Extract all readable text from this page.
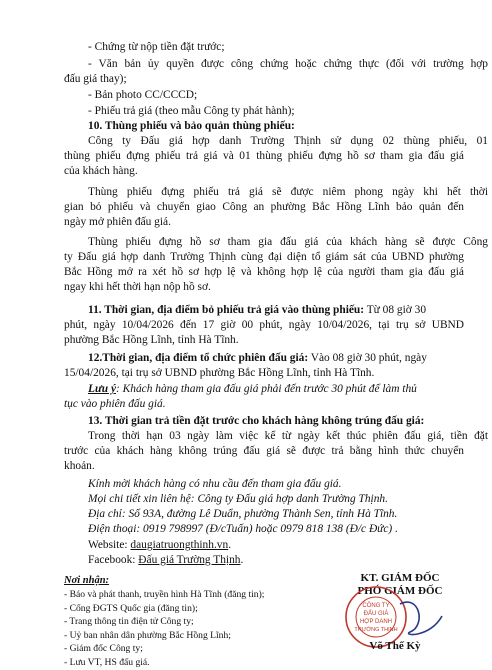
- Chứng từ nộp tiền đặt trước;
- Văn bản ủy quyền được công chứng hoặc chứng thực (đối với trường hợp
đấu giá thay);
- Bản photo CC/CCCD;
- Phiếu trả giá (theo mẫu Công ty phát hành);
10. Thùng phiếu và bảo quản thùng phiếu:
Công ty Đấu giá hợp danh Trường Thịnh sử dụng 02 thùng phiếu, 01
thùng phiếu đựng phiếu trả giá và 01 thùng phiếu đựng hồ sơ tham gia đấu giá
của khách hàng.
Thùng phiếu đựng phiếu trả giá sẽ được niêm phong ngày khi hết thời
gian bỏ phiếu và chuyển giao Công an phường Bắc Hồng Lĩnh bảo quản đến
ngày mở phiên đấu giá.
Thùng phiếu đựng hồ sơ tham gia đấu giá của khách hàng sẽ được Công
ty Đấu giá hợp danh Trường Thịnh cùng đại diện tổ giám sát của UBND phường
Bắc Hồng mở ra xét hồ sơ hợp lệ và không hợp lệ của người tham gia đấu giá
ngay khi hết thời hạn nộp hồ sơ.
11. Thời gian, địa điểm bỏ phiếu trả giá vào thùng phiếu: Từ 08 giờ 30
phút, ngày 10/04/2026 đến 17 giờ 00 phút, ngày 10/04/2026, tại trụ sở UBND
phường Bắc Hồng Lĩnh, tỉnh Hà Tĩnh.
12.Thời gian, địa điểm tổ chức phiên đấu giá: Vào 08 giờ 30 phút, ngày
15/04/2026, tại trụ sở UBND phường Bắc Hồng Lĩnh, tỉnh Hà Tĩnh.
Lưu ý: Khách hàng tham gia đấu giá phải đến trước 30 phút để làm thủ
tục vào phiên đấu giá.
13. Thời gian trả tiền đặt trước cho khách hàng không trúng đấu giá:
Trong thời hạn 03 ngày làm việc kể từ ngày kết thúc phiên đấu giá, tiền đặt
trước của khách hàng không trúng đấu giá sẽ được trả bằng hình thức chuyển
khoản.
Kính mời khách hàng có nhu cầu đến tham gia đấu giá.
Mọi chi tiết xin liên hệ: Công ty Đấu giá hợp danh Trường Thịnh.
Địa chỉ: Số 93A, đường Lê Duẩn, phường Thành Sen, tỉnh Hà Tĩnh.
Điện thoại: 0919 798997 (Đ/cTuấn) hoặc 0979 818 138 (Đ/c Đức) .
Website: daugiatruongthinh.vn.
Facebook: Đấu giá Trường Thịnh.
Nơi nhận:
- Báo và phát thanh, truyền hình Hà Tĩnh (đăng tin);
- Cổng ĐGTS Quốc gia (đăng tin);
- Trang thông tin điện tử Công ty;
- Uỷ ban nhân dân phường Bắc Hồng Lĩnh;
- Giám đốc Công ty;
- Lưu VT, HS đấu giá.
KT. GIÁM ĐỐC
PHÓ GIÁM ĐỐC
CÔNG TY
ĐẤU GIÁ
HỢP DANH
TRƯỜNG THỊNH
Võ Thế Kỳ
